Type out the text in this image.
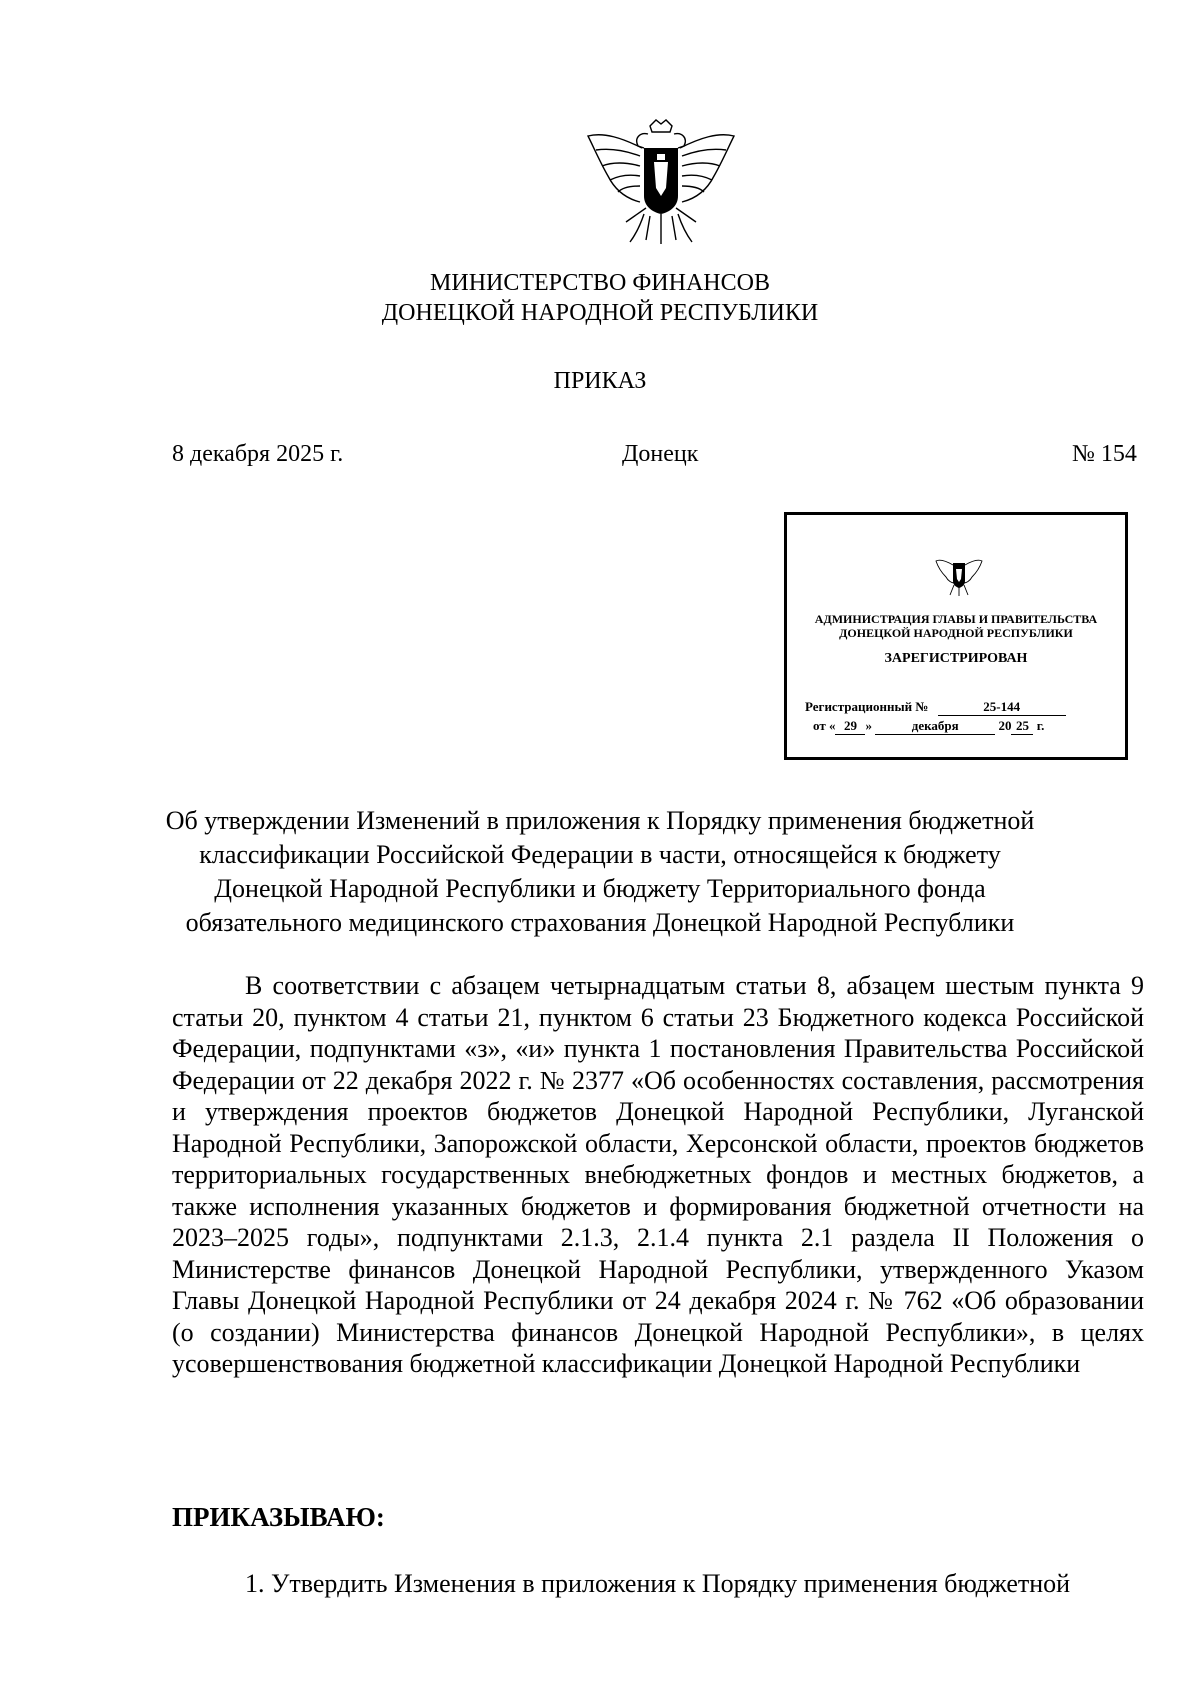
МИНИСТЕРСТВО ФИНАНСОВ
ДОНЕЦКОЙ НАРОДНОЙ РЕСПУБЛИКИ
ПРИКАЗ
8 декабря 2025 г.	Донецк	№ 154
АДМИНИСТРАЦИЯ ГЛАВЫ И ПРАВИТЕЛЬСТВА
ДОНЕЦКОЙ НАРОДНОЙ РЕСПУБЛИКИ
ЗАРЕГИСТРИРОВАН
Регистрационный №	25-144
от « 29 »	декабря	20 25 г.
Об утверждении Изменений в приложения к Порядку применения бюджетной
классификации Российской Федерации в части, относящейся к бюджету
Донецкой Народной Республики и бюджету Территориального фонда
обязательного медицинского страхования Донецкой Народной Республики
В соответствии с абзацем четырнадцатым статьи 8, абзацем шестым пункта 9 статьи 20, пунктом 4 статьи 21, пунктом 6 статьи 23 Бюджетного кодекса Российской Федерации, подпунктами «з», «и» пункта 1 постановления Правительства Российской Федерации от 22 декабря 2022 г. № 2377 «Об особенностях составления, рассмотрения и утверждения проектов бюджетов Донецкой Народной Республики, Луганской Народной Республики, Запорожской области, Херсонской области, проектов бюджетов территориальных государственных внебюджетных фондов и местных бюджетов, а также исполнения указанных бюджетов и формирования бюджетной отчетности на 2023–2025 годы», подпунктами 2.1.3, 2.1.4 пункта 2.1 раздела II Положения о Министерстве финансов Донецкой Народной Республики, утвержденного Указом Главы Донецкой Народной Республики от 24 декабря 2024 г. № 762 «Об образовании (о создании) Министерства финансов Донецкой Народной Республики», в целях усовершенствования бюджетной классификации Донецкой Народной Республики
ПРИКАЗЫВАЮ:
1. Утвердить Изменения в приложения к Порядку применения бюджетной
